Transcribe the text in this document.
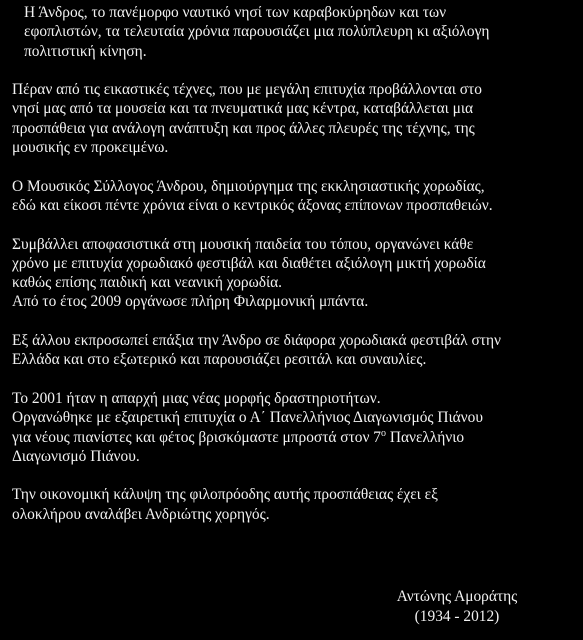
Η Άνδρος, το πανέμορφο ναυτικό νησί των καραβοκύρηδων και των
εφοπλιστών, τα τελευταία χρόνια παρουσιάζει μια πολύπλευρη κι αξιόλογη
πολιτιστική κίνηση.

Πέραν από τις εικαστικές τέχνες, που με μεγάλη επιτυχία προβάλλονται στο
νησί μας από τα μουσεία και τα πνευματικά μας κέντρα, καταβάλλεται μια
προσπάθεια για ανάλογη ανάπτυξη και προς άλλες πλευρές της τέχνης, της
μουσικής εν προκειμένω.

Ο Μουσικός Σύλλογος Άνδρου, δημιούργημα της εκκλησιαστικής χορωδίας,
εδώ και είκοσι πέντε χρόνια είναι ο κεντρικός άξονας επίπονων προσπαθειών.

Συμβάλλει αποφασιστικά στη μουσική παιδεία του τόπου, οργανώνει κάθε
χρόνο με επιτυχία χορωδιακό φεστιβάλ και διαθέτει αξιόλογη μικτή χορωδία
καθώς επίσης παιδική και νεανική χορωδία.
Από το έτος 2009 οργάνωσε πλήρη Φιλαρμονική μπάντα.

Εξ άλλου εκπροσωπεί επάξια την Άνδρο σε διάφορα χορωδιακά φεστιβάλ στην
Ελλάδα και στο εξωτερικό και παρουσιάζει ρεσιτάλ και συναυλίες.

Το 2001 ήταν η απαρχή μιας νέας μορφής δραστηριοτήτων.
Οργανώθηκε με εξαιρετική επιτυχία ο Α΄ Πανελλήνιος Διαγωνισμός Πιάνου
για νέους πιανίστες και φέτος βρισκόμαστε μπροστά στον $7^o$ Πανελλήνιο
Διαγωνισμό Πιάνου.

Την οικονομική κάλυψη της φιλοπρόοδης αυτής προσπάθειας έχει εξ
ολοκλήρου αναλάβει Ανδριώτης χορηγός.

Αντώνης Αμοράτης
(1934 - 2012)
